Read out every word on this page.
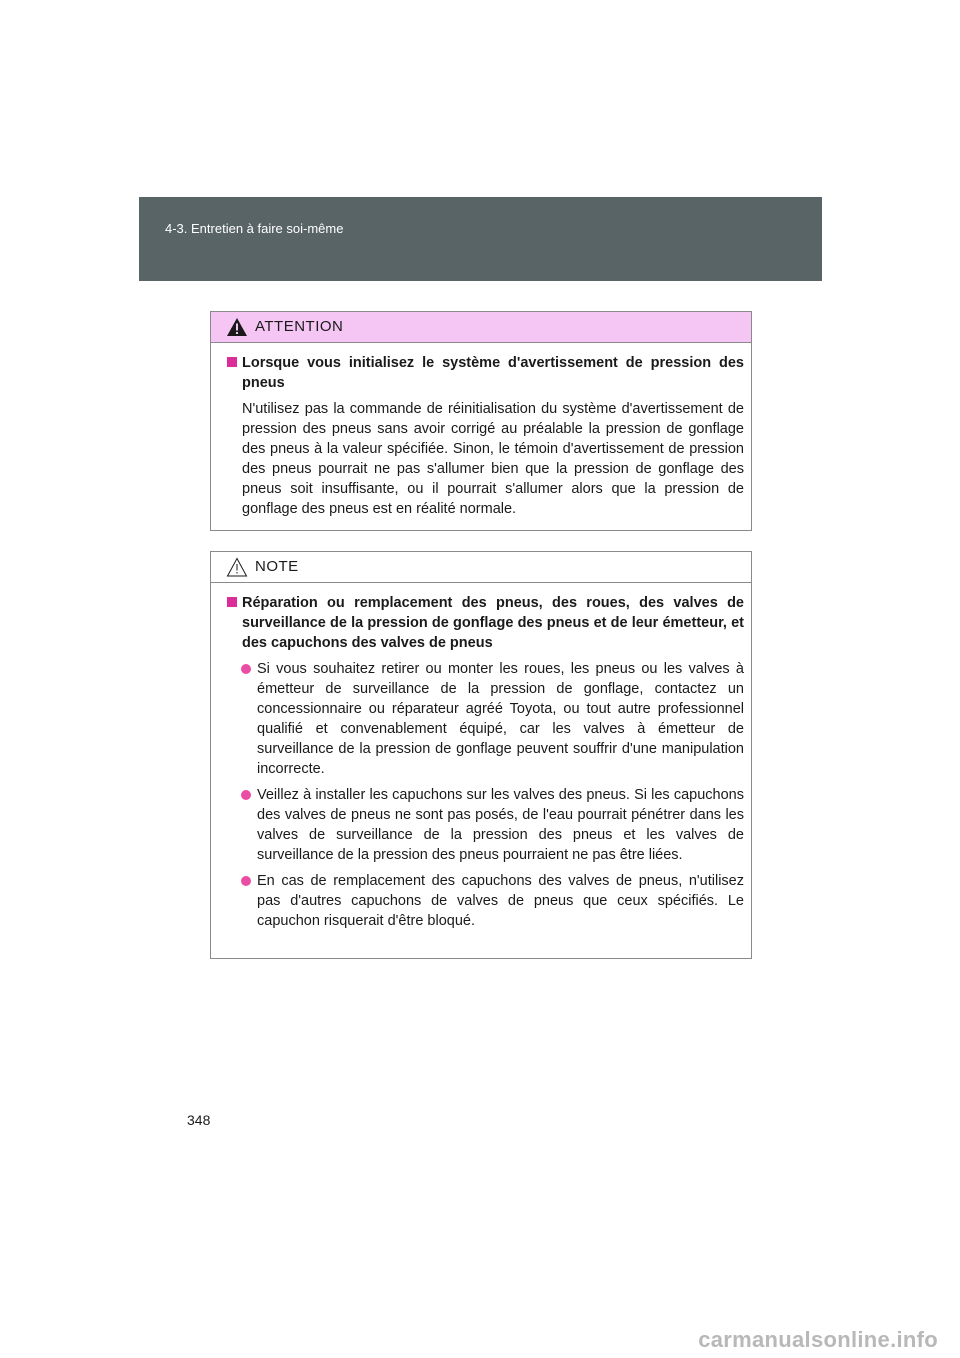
4-3. Entretien à faire soi-même
ATTENTION
Lorsque vous initialisez le système d'avertissement de pression des pneus
N'utilisez pas la commande de réinitialisation du système d'avertissement de pression des pneus sans avoir corrigé au préalable la pression de gonflage des pneus à la valeur spécifiée. Sinon, le témoin d'avertissement de pression des pneus pourrait ne pas s'allumer bien que la pression de gonflage des pneus soit insuffisante, ou il pourrait s'allumer alors que la pression de gonflage des pneus est en réalité normale.
NOTE
Réparation ou remplacement des pneus, des roues, des valves de surveillance de la pression de gonflage des pneus et de leur émetteur, et des capuchons des valves de pneus
Si vous souhaitez retirer ou monter les roues, les pneus ou les valves à émetteur de surveillance de la pression de gonflage, contactez un concessionnaire ou réparateur agréé Toyota, ou tout autre professionnel qualifié et convenablement équipé, car les valves à émetteur de surveillance de la pression de gonflage peuvent souffrir d'une manipulation incorrecte.
Veillez à installer les capuchons sur les valves des pneus. Si les capuchons des valves de pneus ne sont pas posés, de l'eau pourrait pénétrer dans les valves de surveillance de la pression des pneus et les valves de surveillance de la pression des pneus pourraient ne pas être liées.
En cas de remplacement des capuchons des valves de pneus, n'utilisez pas d'autres capuchons de valves de pneus que ceux spécifiés. Le capuchon risquerait d'être bloqué.
348
carmanualsonline.info
